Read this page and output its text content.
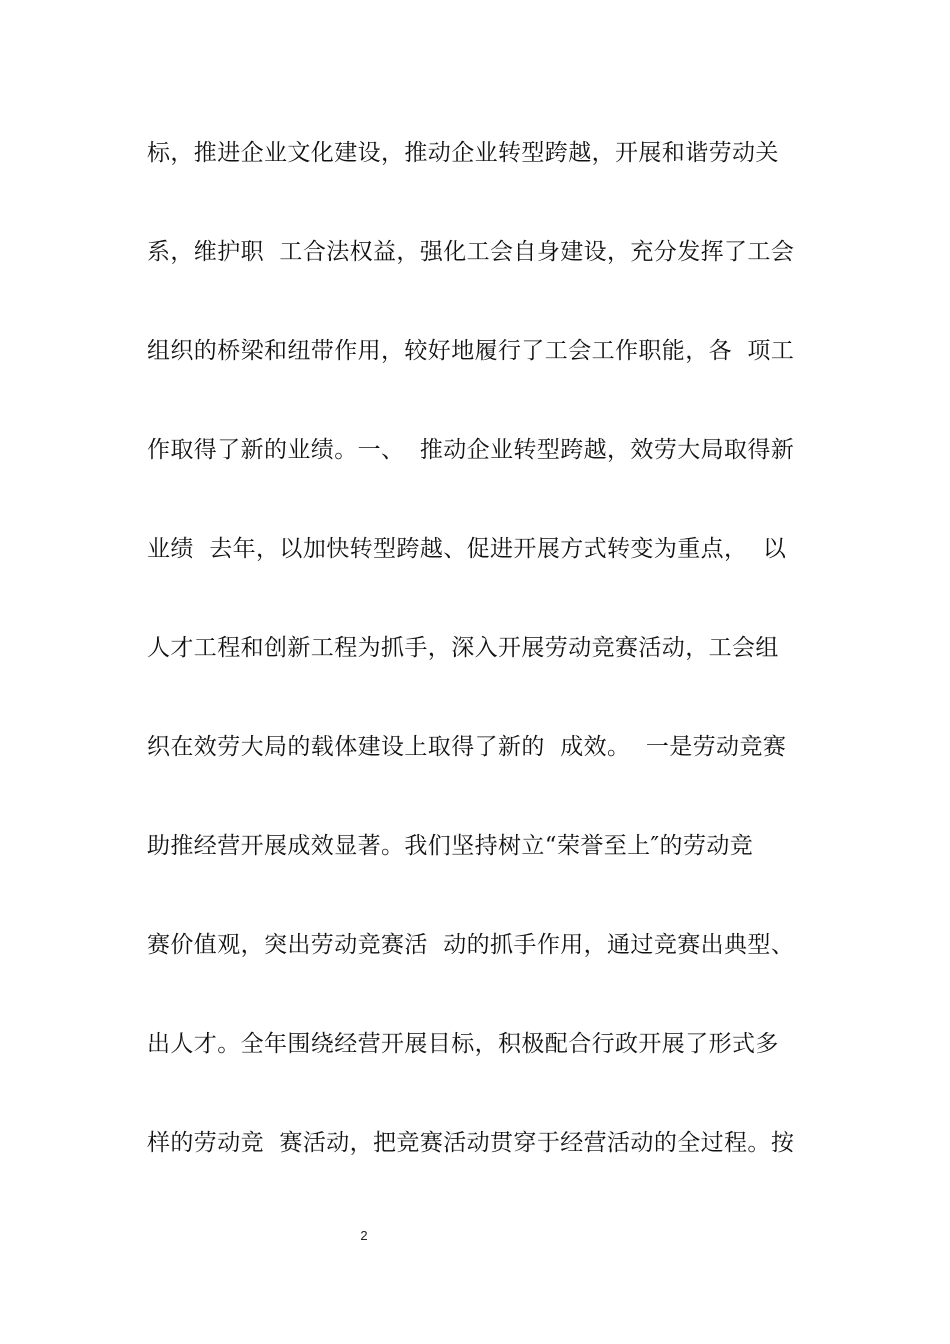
标，推进企业文化建设，推动企业转型跨越，开展和谐劳动关
系，维护职  工合法权益，强化工会自身建设，充分发挥了工会
组织的桥梁和纽带作用，较好地履行了工会工作职能，各  项工
作取得了新的业绩。一、  推动企业转型跨越，效劳大局取得新
业绩  去年，以加快转型跨越、促进开展方式转变为重点，  以
人才工程和创新工程为抓手，深入开展劳动竞赛活动，工会组
织在效劳大局的载体建设上取得了新的  成效。  一是劳动竞赛
助推经营开展成效显著。我们坚持树立“荣誉至上″的劳动竞
赛价值观，突出劳动竞赛活  动的抓手作用，通过竞赛出典型、
出人才。全年围绕经营开展目标，积极配合行政开展了形式多
样的劳动竞  赛活动，把竞赛活动贯穿于经营活动的全过程。按
2
